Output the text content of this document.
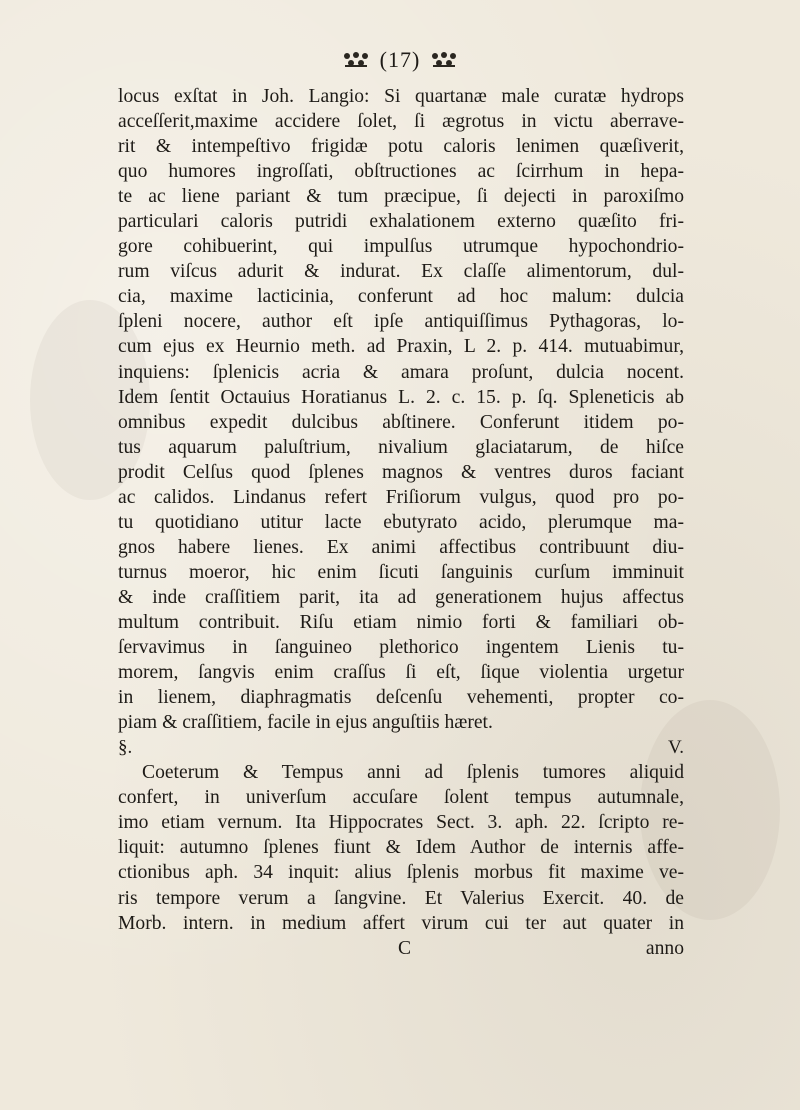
(17)
locus exſtat in Joh. Langio: Si quartanæ male curatæ hydrops
acceſſerit,maxime accidere ſolet, ſi ægrotus in victu aberrave-
rit & intempeſtivo frigidæ potu caloris lenimen quæſiverit,
quo humores ingroſſati, obſtructiones ac ſcirrhum in hepa-
te ac liene pariant & tum præcipue, ſi dejecti in paroxiſmo
particulari caloris putridi exhalationem externo quæſito fri-
gore cohibuerint, qui impulſus utrumque hypochondrio-
rum viſcus adurit & indurat. Ex claſſe alimentorum, dul-
cia, maxime lacticinia, conferunt ad hoc malum: dulcia
ſpleni nocere, author eſt ipſe antiquiſſimus Pythagoras, lo-
cum ejus ex Heurnio meth. ad Praxin, L 2. p. 414. mutuabimur,
inquiens: ſplenicis acria & amara proſunt, dulcia nocent.
Idem ſentit Octauius Horatianus L. 2. c. 15. p. ſq. Spleneticis ab
omnibus expedit dulcibus abſtinere. Conferunt itidem po-
tus aquarum paluſtrium, nivalium glaciatarum, de hiſce
prodit Celſus quod ſplenes magnos & ventres duros faciant
ac calidos. Lindanus refert Friſiorum vulgus, quod pro po-
tu quotidiano utitur lacte ebutyrato acido, plerumque ma-
gnos habere lienes. Ex animi affectibus contribuunt diu-
turnus moeror, hic enim ſicuti ſanguinis curſum imminuit
& inde craſſitiem parit, ita ad generationem hujus affectus
multum contribuit. Riſu etiam nimio forti & familiari ob-
ſervavimus in ſanguineo plethorico ingentem Lienis tu-
morem, ſangvis enim craſſus ſi eſt, ſique violentia urgetur
in lienem, diaphragmatis deſcenſu vehementi, propter co-
piam & craſſitiem, facile in ejus anguſtiis hæret.
§. V.
Coeterum & Tempus anni ad ſplenis tumores aliquid
confert, in univerſum accuſare ſolent tempus autumnale,
imo etiam vernum. Ita Hippocrates Sect. 3. aph. 22. ſcripto re-
liquit: autumno ſplenes fiunt & Idem Author de internis affe-
ctionibus aph. 34 inquit: alius ſplenis morbus fit maxime ve-
ris tempore verum a ſangvine. Et Valerius Exercit. 40. de
Morb. intern. in medium affert virum cui ter aut quater in
C	anno
